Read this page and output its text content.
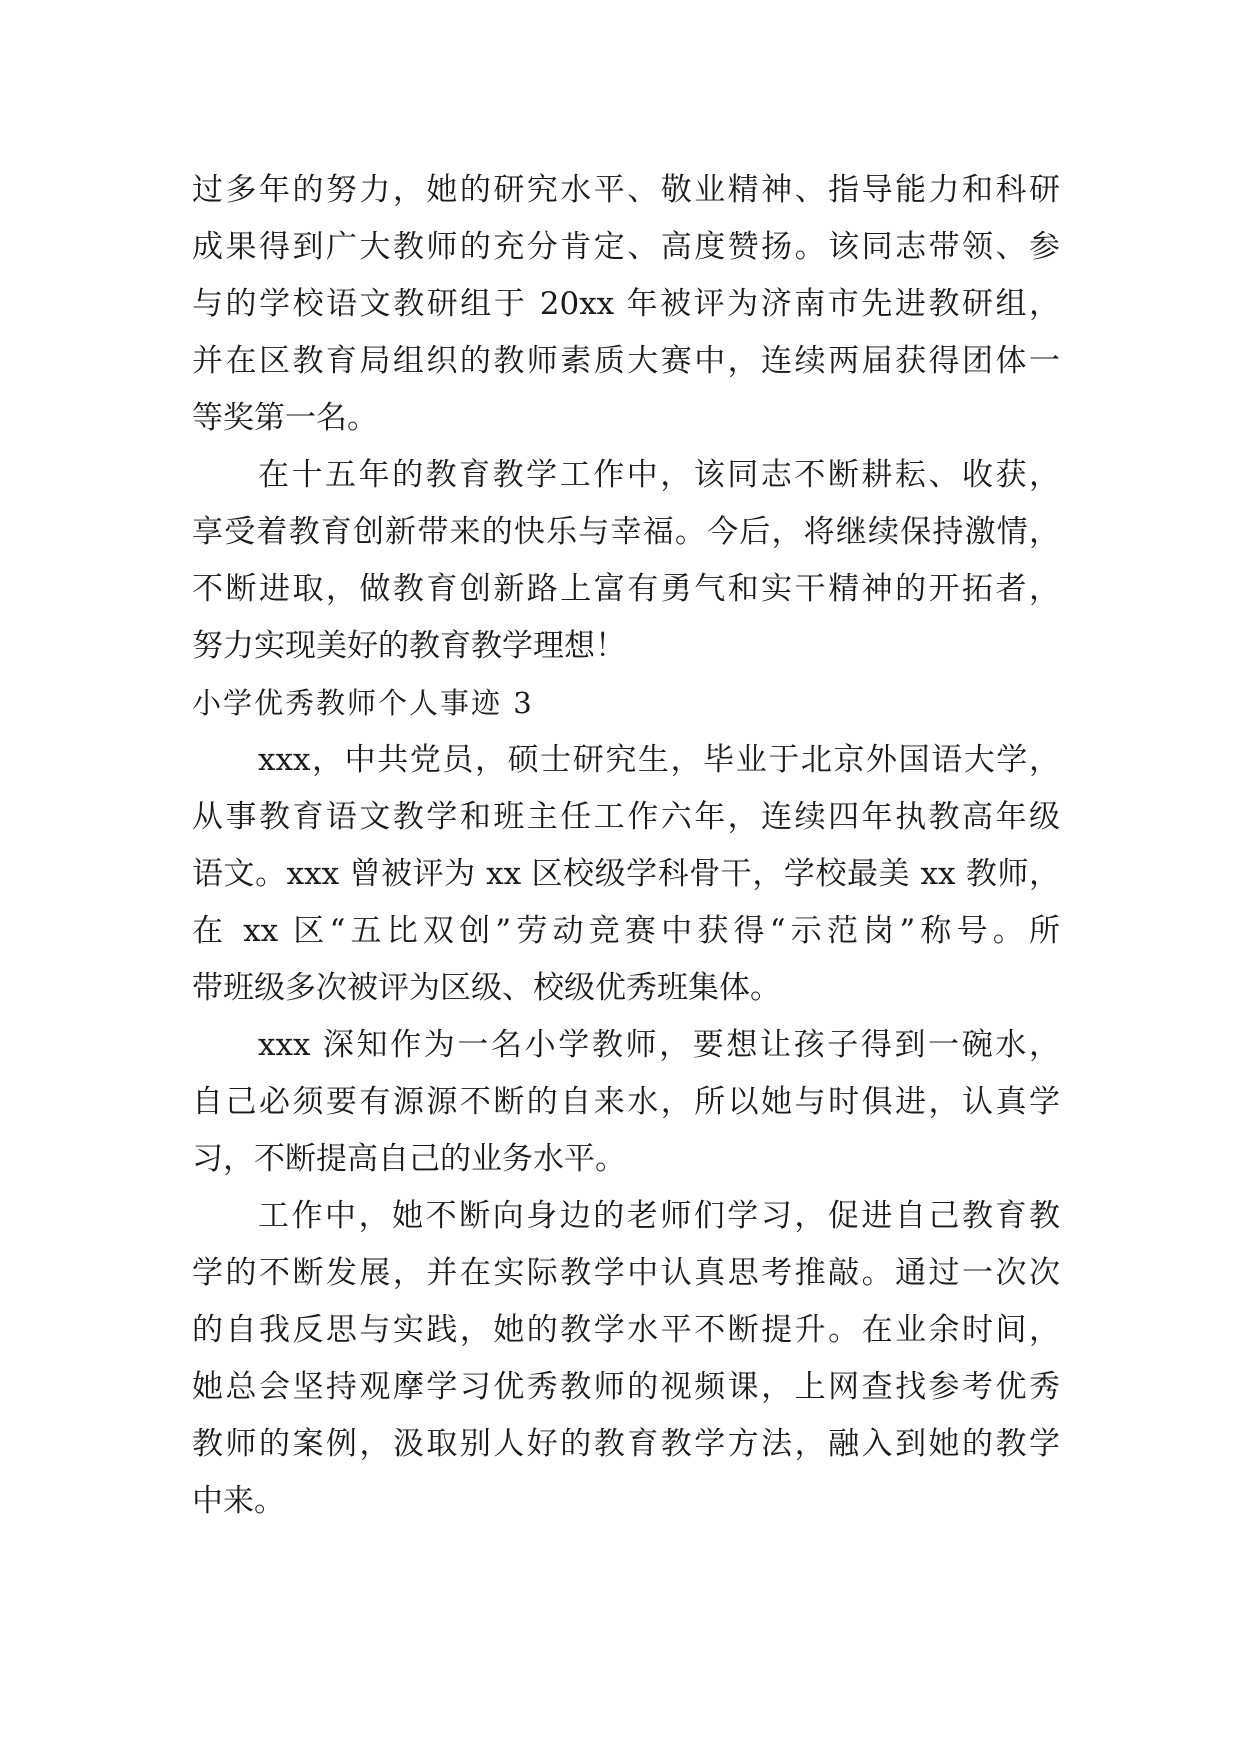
过多年的努力，她的研究水平、敬业精神、指导能力和科研
成果得到广大教师的充分肯定、高度赞扬。该同志带领、参
与的学校语文教研组于 20xx 年被评为济南市先进教研组，
并在区教育局组织的教师素质大赛中，连续两届获得团体一
等奖第一名。
在十五年的教育教学工作中，该同志不断耕耘、收获，
享受着教育创新带来的快乐与幸福。今后，将继续保持激情，
不断进取，做教育创新路上富有勇气和实干精神的开拓者，
努力实现美好的教育教学理想！
小学优秀教师个人事迹 3
xxx，中共党员，硕士研究生，毕业于北京外国语大学，
从事教育语文教学和班主任工作六年，连续四年执教高年级
语文。xxx 曾被评为 xx 区校级学科骨干，学校最美 xx 教师，
在 xx 区“五比双创”劳动竞赛中获得“示范岗”称号。所
带班级多次被评为区级、校级优秀班集体。
xxx 深知作为一名小学教师，要想让孩子得到一碗水，
自己必须要有源源不断的自来水，所以她与时俱进，认真学
习，不断提高自己的业务水平。
工作中，她不断向身边的老师们学习，促进自己教育教
学的不断发展，并在实际教学中认真思考推敲。通过一次次
的自我反思与实践，她的教学水平不断提升。在业余时间，
她总会坚持观摩学习优秀教师的视频课，上网查找参考优秀
教师的案例，汲取别人好的教育教学方法，融入到她的教学
中来。
